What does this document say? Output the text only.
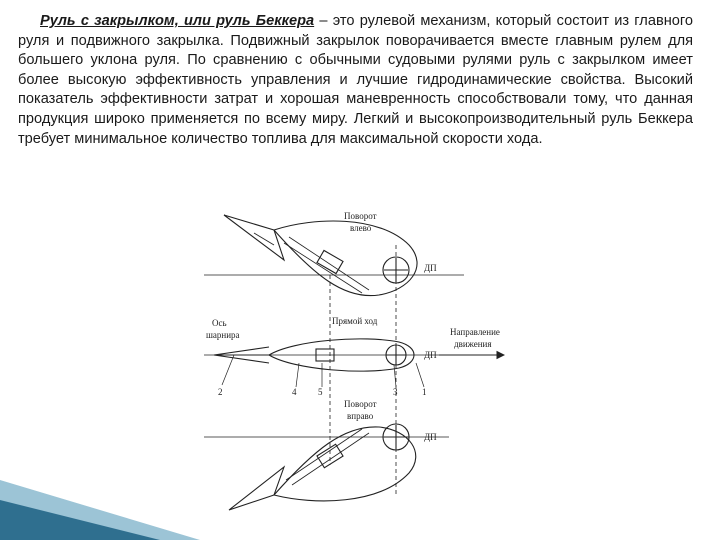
Руль с закрылком, или руль Беккера – это рулевой механизм, который состоит из главного руля и подвижного закрылка. Подвижный закрылок поворачивается вместе главным рулем для большего уклона руля. По сравнению с обычными судовыми рулями руль с закрылком имеет более высокую эффективность управления и лучшие гидродинамические свойства. Высокий показатель эффективности затрат и хорошая маневренность способствовали тому, что данная продукция широко применяется по всему миру. Легкий и высокопроизводительный руль Беккера требует минимальное количество топлива для максимальной скорости хода.

Поворот
влево
ДП
Прямой ход
Ось
шарнира	Направление
движения
ДП
2	4 5	3	1
Поворот
вправо
ДП
